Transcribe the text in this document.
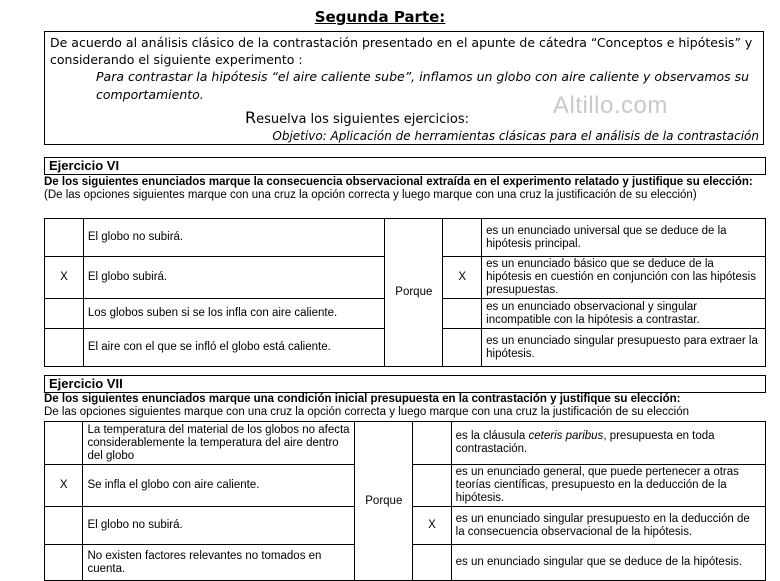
Segunda Parte:
De acuerdo al análisis clásico de la contrastación presentado en el apunte de cátedra “Conceptos e hipótesis” y considerando el siguiente experimento :
Para contrastar la hipótesis “el aire caliente sube”, inflamos un globo con aire caliente y observamos su comportamiento.
Resuelva los siguientes ejercicios:
Objetivo: Aplicación de herramientas clásicas para el análisis de la contrastación
Altillo.com
Ejercicio VI
De los siguientes enunciados marque la consecuencia observacional extraída en el experimento relatado y justifique su elección: (De las opciones siguientes marque con una cruz la opción correcta y luego marque con una cruz la justificación de su elección)
	El globo no subirá.	Porque		es un enunciado universal que se deduce de la hipótesis principal.
X	El globo subirá.		X	es un enunciado básico que se deduce de la hipótesis en cuestión en conjunción con las hipótesis presupuestas.
	Los globos suben si se los infla con aire caliente.			es un enunciado observacional y singular incompatible con la hipótesis a contrastar.
	El aire con el que se infló el globo está caliente.			es un enunciado singular presupuesto para extraer la hipótesis.
Ejercicio VII
De los siguientes enunciados marque una condición inicial presupuesta en la contrastación y justifique su elección:
De las opciones siguientes marque con una cruz la opción correcta y luego marque con una cruz la justificación de su elección
	La temperatura del material de los globos no afecta considerablemente la temperatura del aire dentro del globo	Porque		es la cláusula ceteris paribus, presupuesta en toda contrastación.
X	Se infla el globo con aire caliente.			es un enunciado general, que puede pertenecer a otras teorías científicas, presupuesto en la deducción de la hipótesis.
	El globo no subirá.		X	es un enunciado singular presupuesto en la deducción de la consecuencia observacional de la hipótesis.
	No existen factores relevantes no tomados en cuenta.			es un enunciado singular que se deduce de la hipótesis.
